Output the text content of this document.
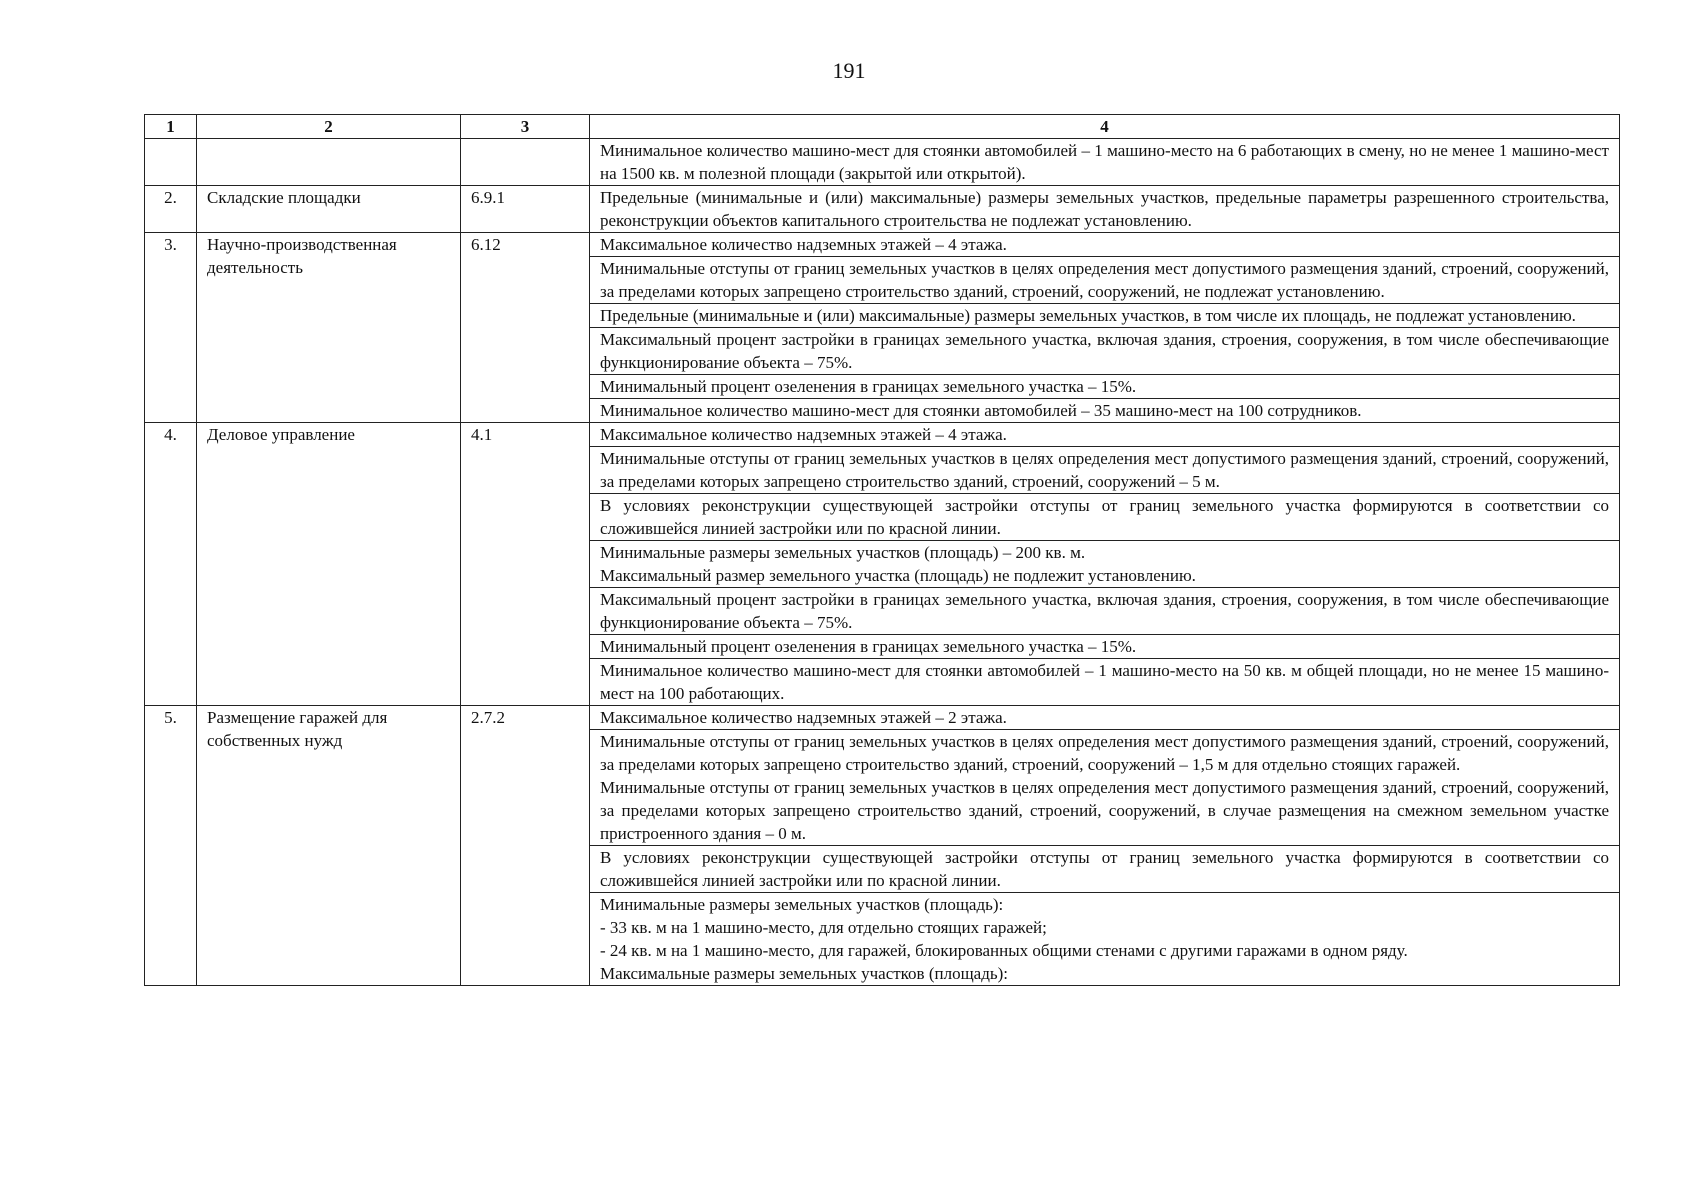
191
1	2	3	4

			Минимальное количество машино-мест для стоянки автомобилей – 1 машино-место на 6 работающих в смену, но не менее 1 машино-мест на 1500 кв. м полезной площади (закрытой или открытой).

2.	Складские площадки	6.9.1	Предельные (минимальные и (или) максимальные) размеры земельных участков, предельные параметры разрешенного строительства, реконструкции объектов капитального строительства не подлежат установлению.

3.	Научно-производственная деятельность	6.12	Максимальное количество надземных этажей – 4 этажа.

			Минимальные отступы от границ земельных участков в целях определения мест допустимого размещения зданий, строений, сооружений, за пределами которых запрещено строительство зданий, строений, сооружений, не подлежат установлению.

			Предельные (минимальные и (или) максимальные) размеры земельных участков, в том числе их площадь, не подлежат установлению.

			Максимальный процент застройки в границах земельного участка, включая здания, строения, сооружения, в том числе обеспечивающие функционирование объекта – 75%.

			Минимальный процент озеленения в границах земельного участка – 15%.

			Минимальное количество машино-мест для стоянки автомобилей – 35 машино-мест на 100 сотрудников.

4.	Деловое управление	4.1	Максимальное количество надземных этажей – 4 этажа.

			Минимальные отступы от границ земельных участков в целях определения мест допустимого размещения зданий, строений, сооружений, за пределами которых запрещено строительство зданий, строений, сооружений – 5 м.

			В условиях реконструкции существующей застройки отступы от границ земельного участка формируются в соответствии со сложившейся линией застройки или по красной линии.

			Минимальные размеры земельных участков (площадь) – 200 кв. м.
Максимальный размер земельного участка (площадь) не подлежит установлению.

			Максимальный процент застройки в границах земельного участка, включая здания, строения, сооружения, в том числе обеспечивающие функционирование объекта – 75%.

			Минимальный процент озеленения в границах земельного участка – 15%.

			Минимальное количество машино-мест для стоянки автомобилей – 1 машино-место на 50 кв. м общей площади, но не менее 15 машино-мест на 100 работающих.

5.	Размещение гаражей для собственных нужд	2.7.2	Максимальное количество надземных этажей – 2 этажа.

			Минимальные отступы от границ земельных участков в целях определения мест допустимого размещения зданий, строений, сооружений, за пределами которых запрещено строительство зданий, строений, сооружений – 1,5 м для отдельно стоящих гаражей.
Минимальные отступы от границ земельных участков в целях определения мест допустимого размещения зданий, строений, сооружений, за пределами которых запрещено строительство зданий, строений, сооружений, в случае размещения на смежном земельном участке пристроенного здания – 0 м.

			В условиях реконструкции существующей застройки отступы от границ земельного участка формируются в соответствии со сложившейся линией застройки или по красной линии.

			Минимальные размеры земельных участков (площадь):
- 33 кв. м на 1 машино-место, для отдельно стоящих гаражей;
- 24 кв. м на 1 машино-место, для гаражей, блокированных общими стенами с другими гаражами в одном ряду.
Максимальные размеры земельных участков (площадь):
